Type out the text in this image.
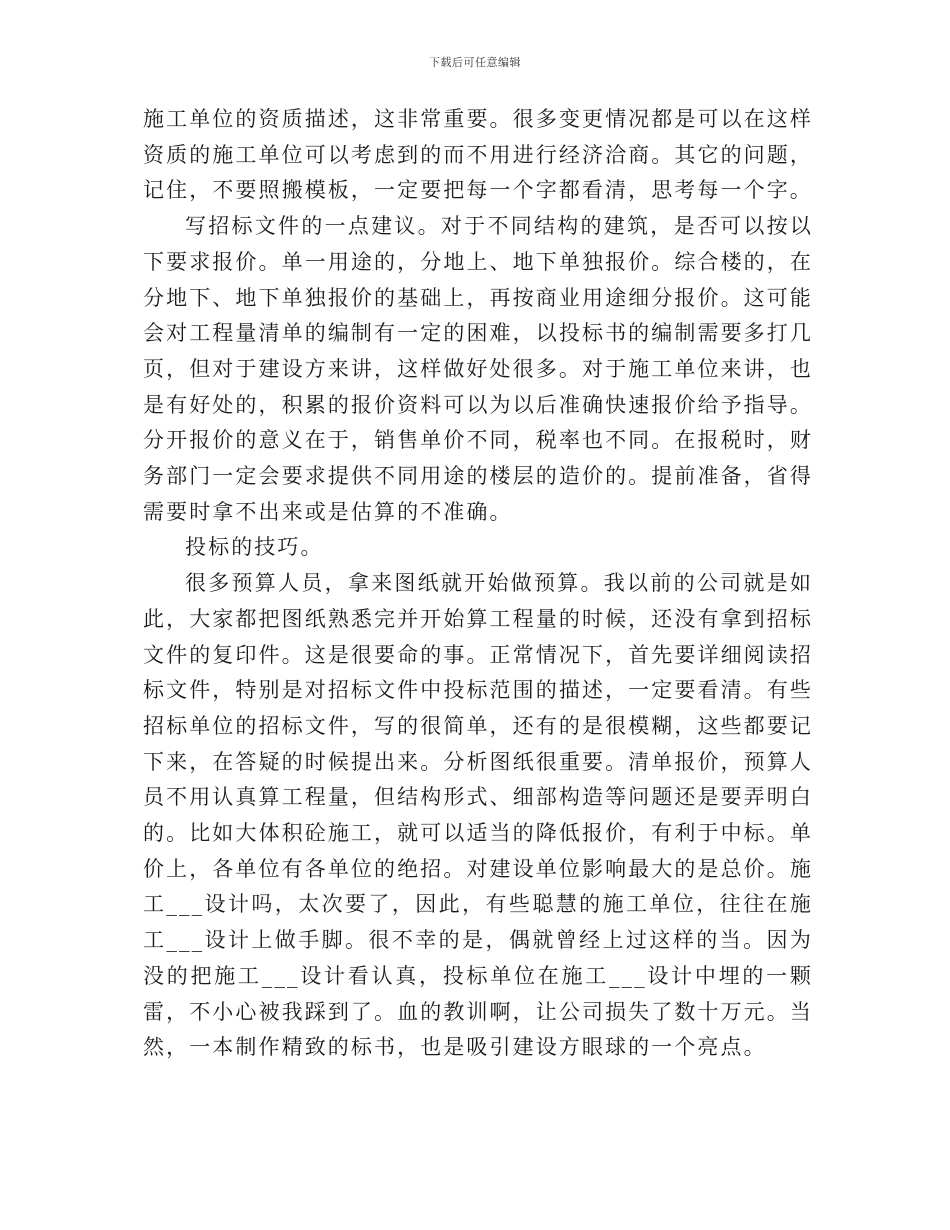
下载后可任意编辑

施工单位的资质描述，这非常重要。很多变更情况都是可以在这样资质的施工单位可以考虑到的而不用进行经济洽商。其它的问题，记住，不要照搬模板，一定要把每一个字都看清，思考每一个字。

写招标文件的一点建议。对于不同结构的建筑，是否可以按以下要求报价。单一用途的，分地上、地下单独报价。综合楼的，在分地下、地下单独报价的基础上，再按商业用途细分报价。这可能会对工程量清单的编制有一定的困难，以投标书的编制需要多打几页，但对于建设方来讲，这样做好处很多。对于施工单位来讲，也是有好处的，积累的报价资料可以为以后准确快速报价给予指导。分开报价的意义在于，销售单价不同，税率也不同。在报税时，财务部门一定会要求提供不同用途的楼层的造价的。提前准备，省得需要时拿不出来或是估算的不准确。

投标的技巧。

很多预算人员，拿来图纸就开始做预算。我以前的公司就是如此，大家都把图纸熟悉完并开始算工程量的时候，还没有拿到招标文件的复印件。这是很要命的事。正常情况下，首先要详细阅读招标文件，特别是对招标文件中投标范围的描述，一定要看清。有些招标单位的招标文件，写的很简单，还有的是很模糊，这些都要记下来，在答疑的时候提出来。分析图纸很重要。清单报价，预算人员不用认真算工程量，但结构形式、细部构造等问题还是要弄明白的。比如大体积砼施工，就可以适当的降低报价，有利于中标。单价上，各单位有各单位的绝招。对建设单位影响最大的是总价。施工___设计吗，太次要了，因此，有些聪慧的施工单位，往往在施工___设计上做手脚。很不幸的是，偶就曾经上过这样的当。因为没的把施工___设计看认真，投标单位在施工___设计中埋的一颗雷，不小心被我踩到了。血的教训啊，让公司损失了数十万元。当然，一本制作精致的标书，也是吸引建设方眼球的一个亮点。
